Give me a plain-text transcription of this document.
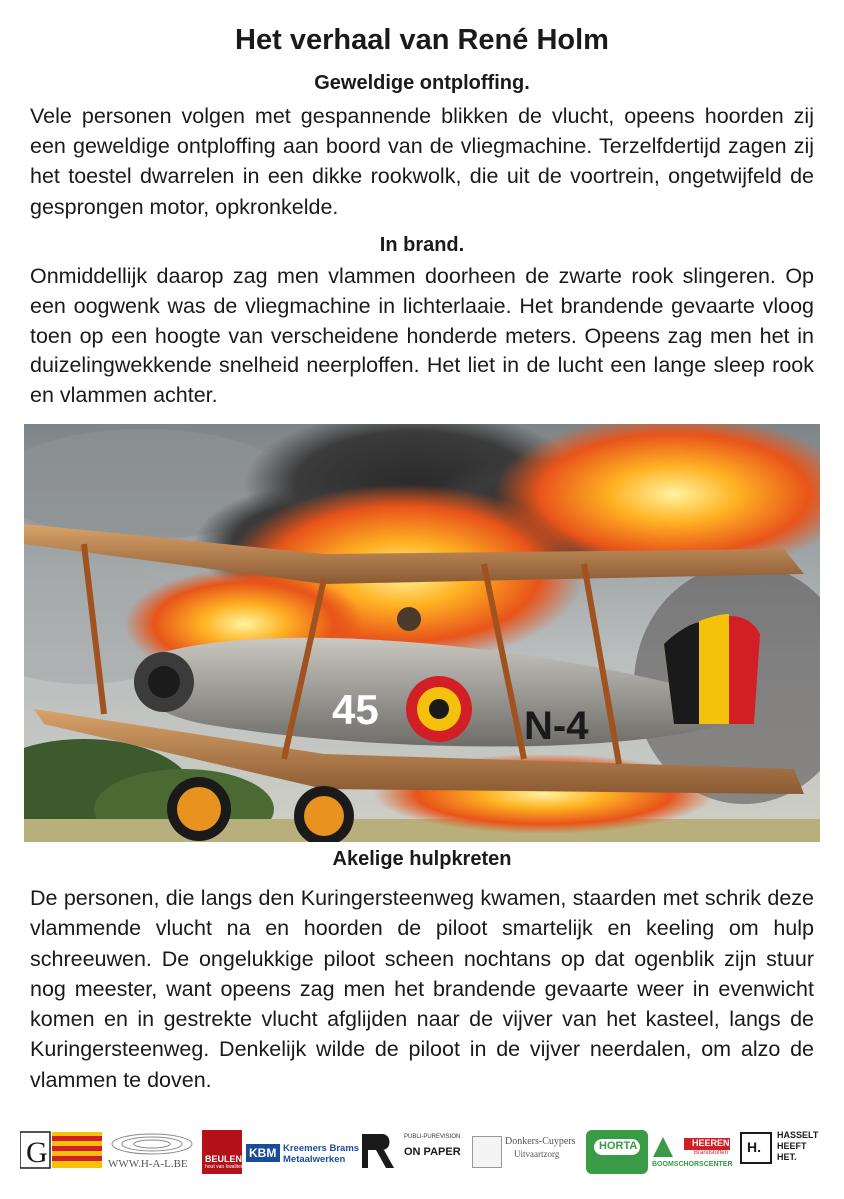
Het verhaal van René Holm
Geweldige ontploffing.

Vele personen volgen met gespannende blikken de vlucht, opeens hoorden zij een geweldige ontploffing aan boord van de vliegmachine. Terzelfdertijd zagen zij het toestel dwarrelen in een dikke rookwolk, die uit de voortrein, ongetwijfeld de gesprongen motor, opkronkelde.

In brand.

Onmiddellijk daarop zag men vlammen doorheen de zwarte rook slingeren. Op een oogwenk was de vliegmachine in lichterlaaie. Het brandende gevaarte vloog toen op een hoogte van verscheidene honderde meters. Opeens zag men het in duizelingwekkende snelheid neerploffen. Het liet in de lucht een lange sleep rook en vlammen achter.

45	N-4
Akelige hulpkreten

De personen, die langs den Kuringersteenweg kwamen, staarden met schrik deze vlammende vlucht na en hoorden de piloot smartelijk en keeling om hulp schreeuwen. De ongelukkige piloot scheen nochtans op dat ogenblik zijn stuur nog meester, want opeens zag men het brandende gevaarte weer in evenwicht komen en in gestrekte vlucht afglijden naar de vijver van het kasteel, langs de Kuringersteenweg. Denkelijk wilde de piloot in de vijver neerdalen, om alzo de vlammen te doven.

G	WWW.H-A-L.BE BEULEN
hout van kwaliteit
KBM Kreemers Brams
Metaalwerken
PUBLI-PUREVISION
ON PAPER
Donkers-Cuypers
Uitvaartzorg
HORTA	HEEREN
Brandstoffen
BOOMSCHORSCENTER
H.
HASSELT
HEEFT
HET.
